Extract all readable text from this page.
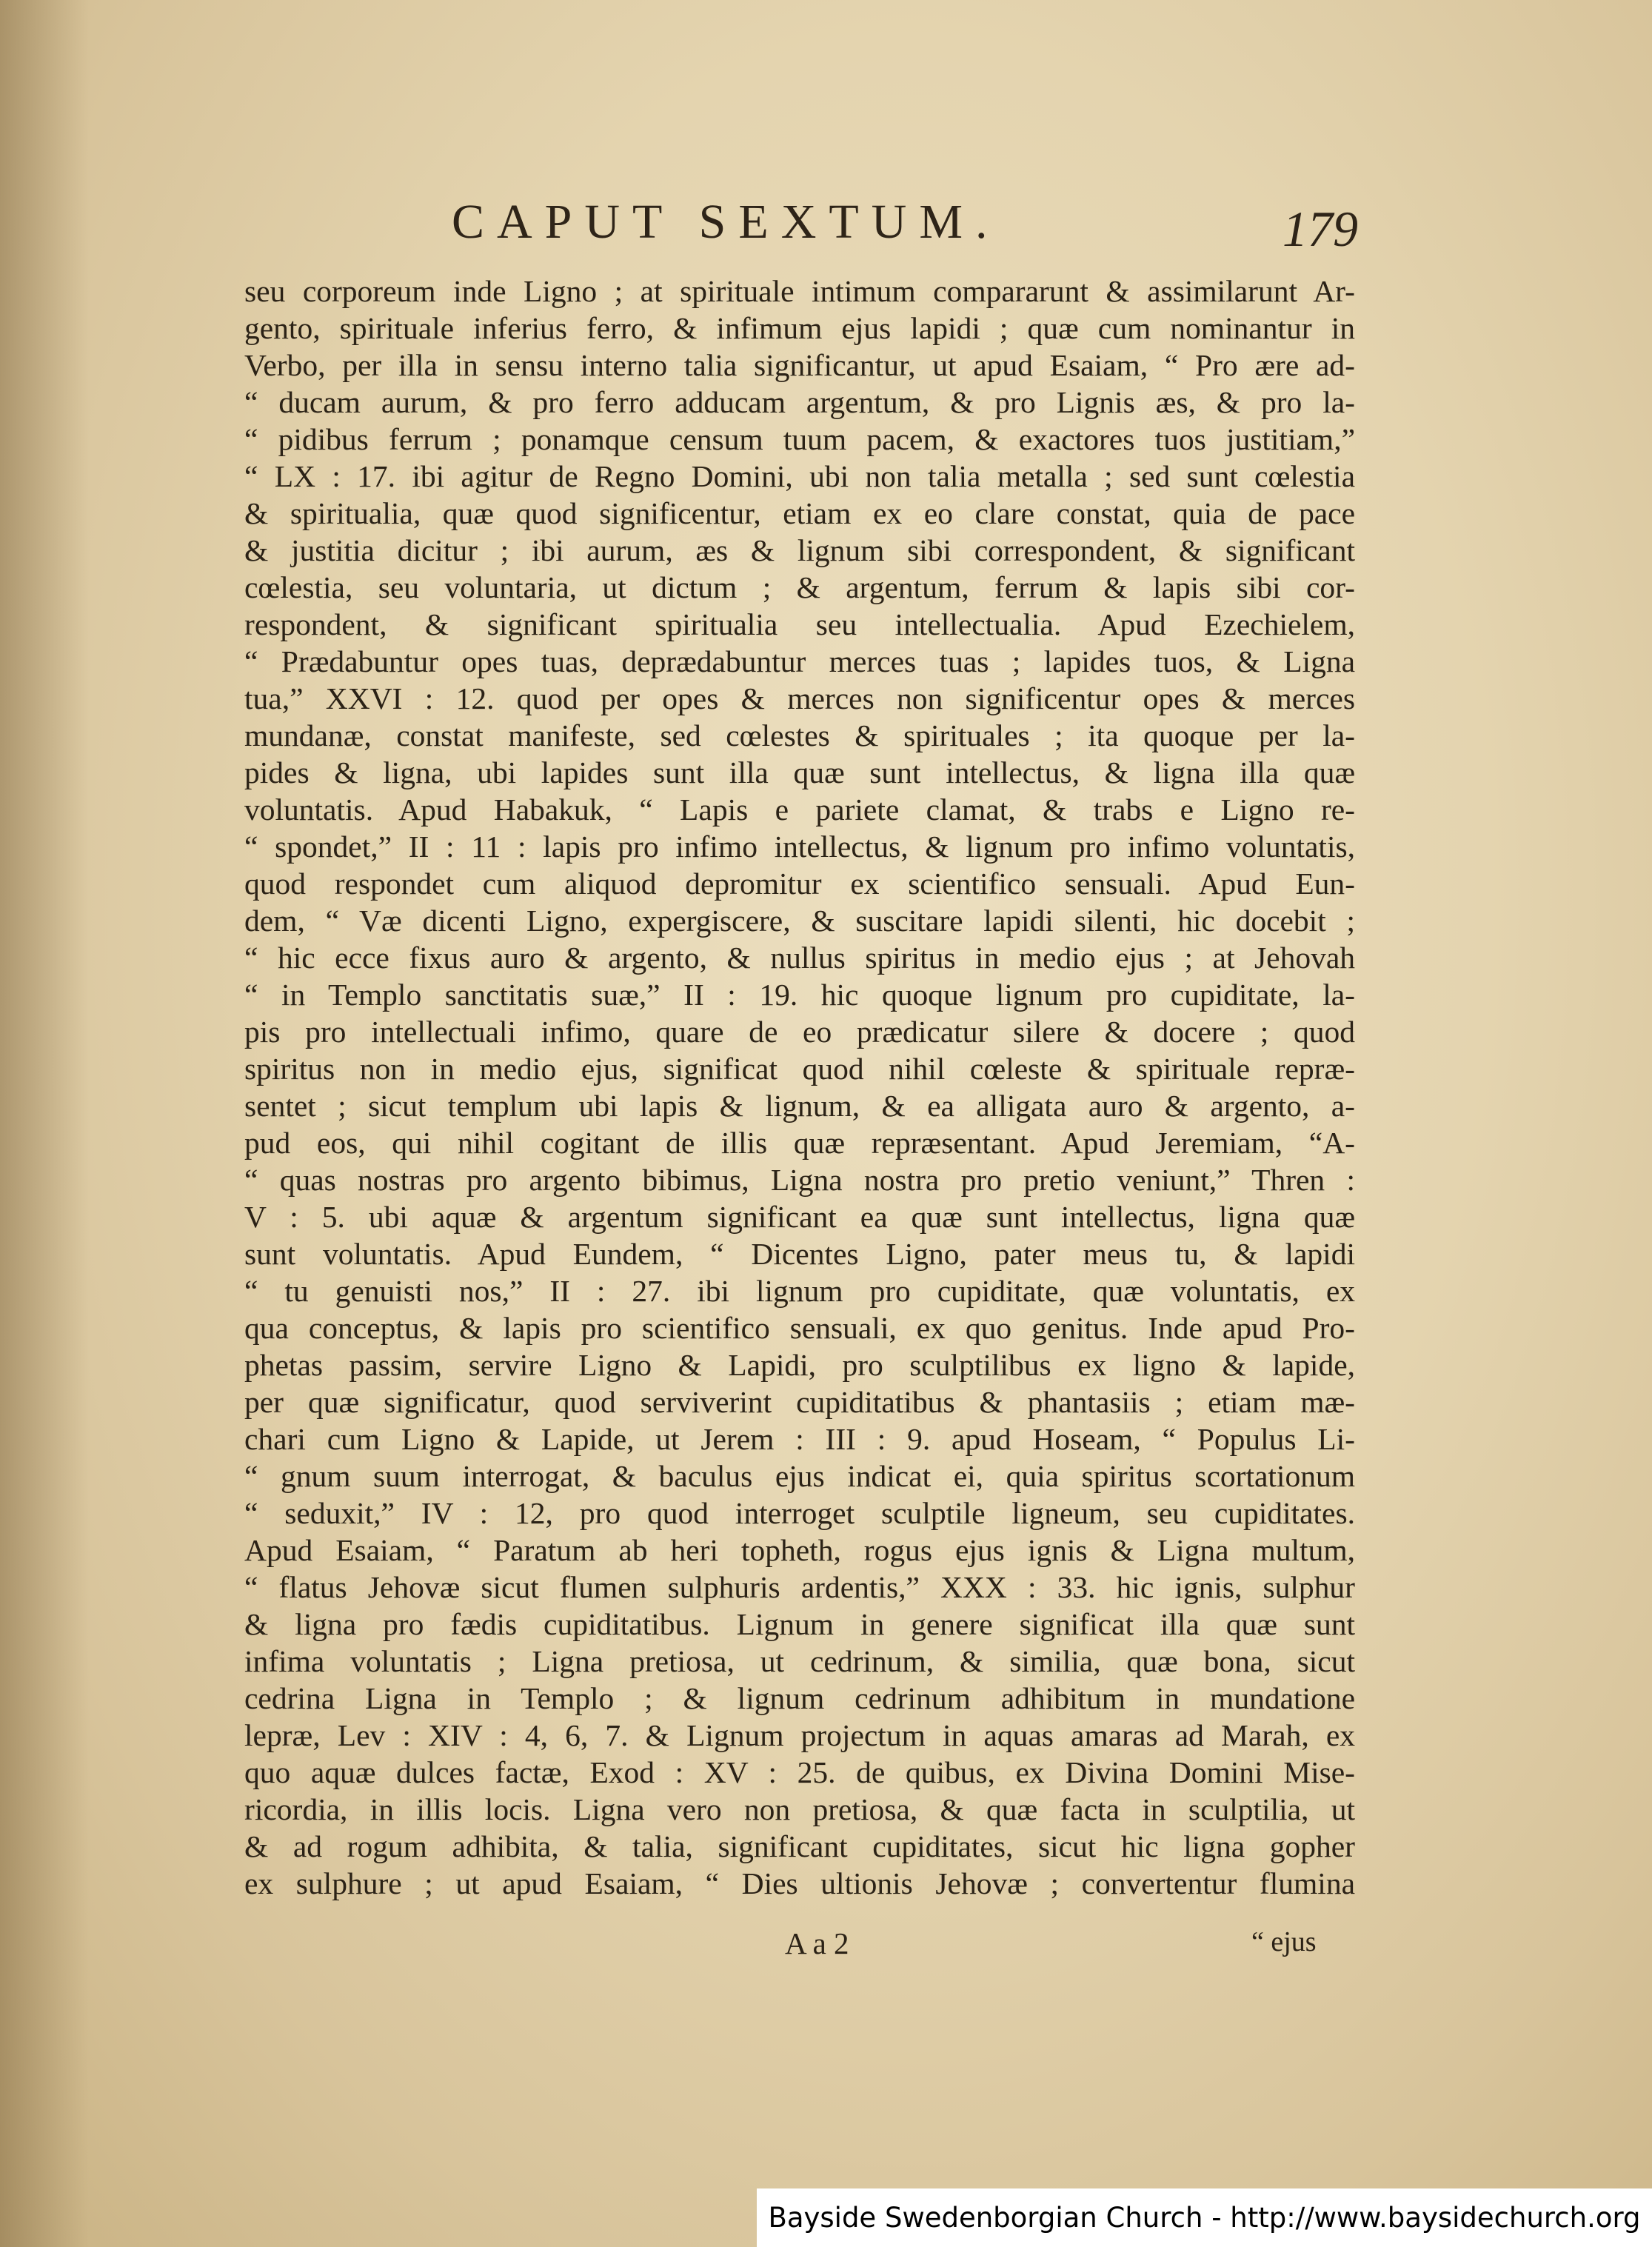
CAPUT SEXTUM.	179
seu corporeum inde Ligno ; at spirituale intimum compararunt & assimilarunt Ar-
gento, spirituale inferius ferro, & infimum ejus lapidi ; quæ cum nominantur in
Verbo, per illa in sensu interno talia significantur, ut apud Esaiam, “ Pro ære ad-
“ ducam aurum, & pro ferro adducam argentum, & pro Lignis æs, & pro la-
“ pidibus ferrum ; ponamque censum tuum pacem, & exactores tuos justitiam,”
“ LX : 17. ibi agitur de Regno Domini, ubi non talia metalla ; sed sunt cœlestia
& spiritualia, quæ quod significentur, etiam ex eo clare constat, quia de pace
& justitia dicitur ; ibi aurum, æs & lignum sibi correspondent, & significant
cœlestia, seu voluntaria, ut dictum ; & argentum, ferrum & lapis sibi cor-
respondent, & significant spiritualia seu intellectualia. Apud Ezechielem,
“ Prædabuntur opes tuas, deprædabuntur merces tuas ; lapides tuos, & Ligna
tua,” XXVI : 12. quod per opes & merces non significentur opes & merces
mundanæ, constat manifeste, sed cœlestes & spirituales ; ita quoque per la-
pides & ligna, ubi lapides sunt illa quæ sunt intellectus, & ligna illa quæ
voluntatis. Apud Habakuk, “ Lapis e pariete clamat, & trabs e Ligno re-
“ spondet,” II : 11 : lapis pro infimo intellectus, & lignum pro infimo voluntatis,
quod respondet cum aliquod depromitur ex scientifico sensuali. Apud Eun-
dem, “ Væ dicenti Ligno, expergiscere, & suscitare lapidi silenti, hic docebit ;
“ hic ecce fixus auro & argento, & nullus spiritus in medio ejus ; at Jehovah
“ in Templo sanctitatis suæ,” II : 19. hic quoque lignum pro cupiditate, la-
pis pro intellectuali infimo, quare de eo prædicatur silere & docere ; quod
spiritus non in medio ejus, significat quod nihil cœleste & spirituale repræ-
sentet ; sicut templum ubi lapis & lignum, & ea alligata auro & argento, a-
pud eos, qui nihil cogitant de illis quæ repræsentant. Apud Jeremiam, “A-
“ quas nostras pro argento bibimus, Ligna nostra pro pretio veniunt,” Thren :
V : 5. ubi aquæ & argentum significant ea quæ sunt intellectus, ligna quæ
sunt voluntatis. Apud Eundem, “ Dicentes Ligno, pater meus tu, & lapidi
“ tu genuisti nos,” II : 27. ibi lignum pro cupiditate, quæ voluntatis, ex
qua conceptus, & lapis pro scientifico sensuali, ex quo genitus. Inde apud Pro-
phetas passim, servire Ligno & Lapidi, pro sculptilibus ex ligno & lapide,
per quæ significatur, quod serviverint cupiditatibus & phantasiis ; etiam mæ-
chari cum Ligno & Lapide, ut Jerem : III : 9. apud Hoseam, “ Populus Li-
“ gnum suum interrogat, & baculus ejus indicat ei, quia spiritus scortationum
“ seduxit,” IV : 12, pro quod interroget sculptile ligneum, seu cupiditates.
Apud Esaiam, “ Paratum ab heri topheth, rogus ejus ignis & Ligna multum,
“ flatus Jehovæ sicut flumen sulphuris ardentis,” XXX : 33. hic ignis, sulphur
& ligna pro fædis cupiditatibus. Lignum in genere significat illa quæ sunt
infima voluntatis ; Ligna pretiosa, ut cedrinum, & similia, quæ bona, sicut
cedrina Ligna in Templo ; & lignum cedrinum adhibitum in mundatione
lepræ, Lev : XIV : 4, 6, 7. & Lignum projectum in aquas amaras ad Marah, ex
quo aquæ dulces factæ, Exod : XV : 25. de quibus, ex Divina Domini Mise-
ricordia, in illis locis. Ligna vero non pretiosa, & quæ facta in sculptilia, ut
& ad rogum adhibita, & talia, significant cupiditates, sicut hic ligna gopher
ex sulphure ; ut apud Esaiam, “ Dies ultionis Jehovæ ; convertentur flumina
A a 2	“ ejus
Bayside Swedenborgian Church - http://www.baysidechurch.org
